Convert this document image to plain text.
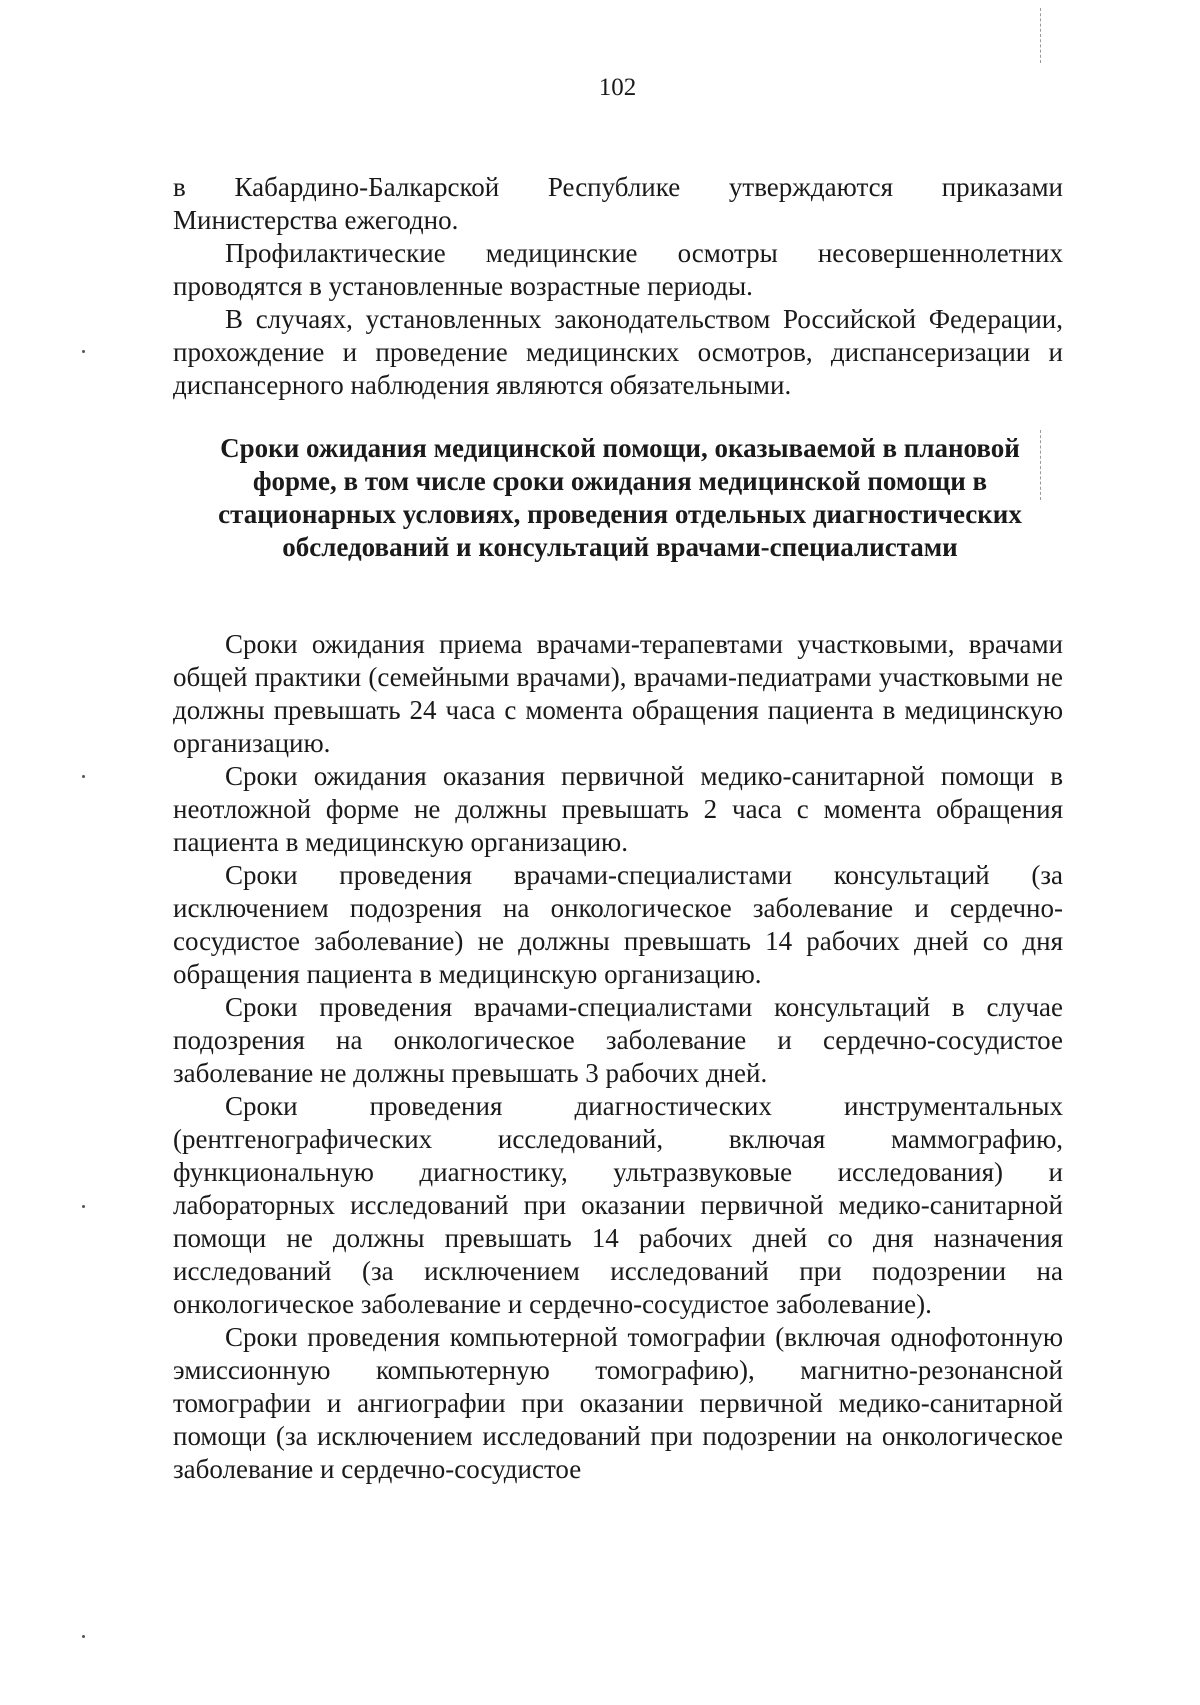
102

в Кабардино-Балкарской Республике утверждаются приказами Министерства ежегодно.

Профилактические медицинские осмотры несовершеннолетних проводятся в установленные возрастные периоды.

В случаях, установленных законодательством Российской Федерации, прохождение и проведение медицинских осмотров, диспансеризации и диспансерного наблюдения являются обязательными.

Сроки ожидания медицинской помощи, оказываемой в плановой форме, в том числе сроки ожидания медицинской помощи в стационарных условиях, проведения отдельных диагностических обследований и консультаций врачами-специалистами

Сроки ожидания приема врачами-терапевтами участковыми, врачами общей практики (семейными врачами), врачами-педиатрами участковыми не должны превышать 24 часа с момента обращения пациента в медицинскую организацию.

Сроки ожидания оказания первичной медико-санитарной помощи в неотложной форме не должны превышать 2 часа с момента обращения пациента в медицинскую организацию.

Сроки проведения врачами-специалистами консультаций (за исключением подозрения на онкологическое заболевание и сердечно-сосудистое заболевание) не должны превышать 14 рабочих дней со дня обращения пациента в медицинскую организацию.

Сроки проведения врачами-специалистами консультаций в случае подозрения на онкологическое заболевание и сердечно-сосудистое заболевание не должны превышать 3 рабочих дней.

Сроки проведения диагностических инструментальных (рентгенографических исследований, включая маммографию, функциональную диагностику, ультразвуковые исследования) и лабораторных исследований при оказании первичной медико-санитарной помощи не должны превышать 14 рабочих дней со дня назначения исследований (за исключением исследований при подозрении на онкологическое заболевание и сердечно-сосудистое заболевание).

Сроки проведения компьютерной томографии (включая однофотонную эмиссионную компьютерную томографию), магнитно-резонансной томографии и ангиографии при оказании первичной медико-санитарной помощи (за исключением исследований при подозрении на онкологическое заболевание и сердечно-сосудистое
